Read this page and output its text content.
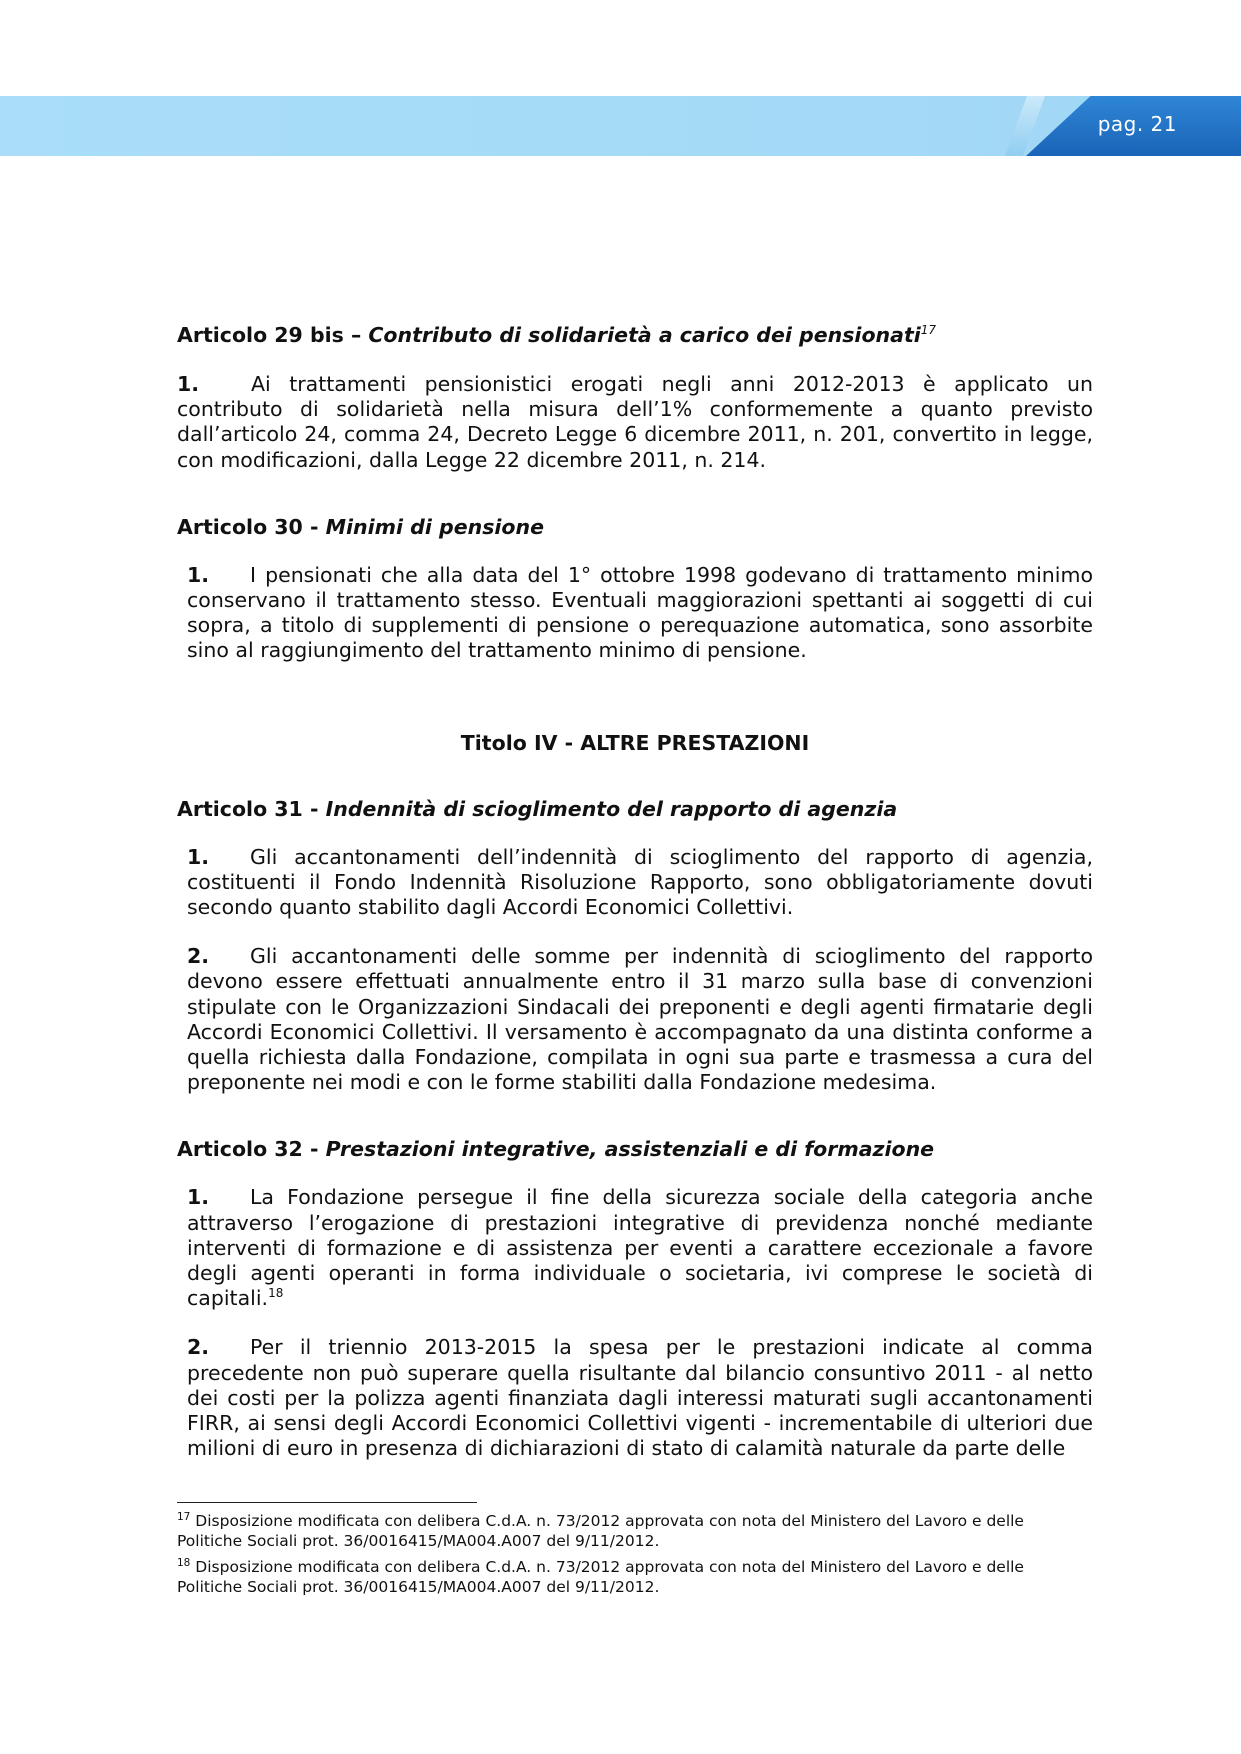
pag. 21
Articolo 29 bis – Contributo di solidarietà a carico dei pensionati$^{17}$

1.	Ai trattamenti pensionistici erogati negli anni 2012-2013 è applicato un contributo di solidarietà nella misura dell’1% conformemente a quanto previsto dall’articolo 24, comma 24, Decreto Legge 6 dicembre 2011, n. 201, convertito in legge, con modificazioni, dalla Legge 22 dicembre 2011, n. 214.

Articolo 30 - Minimi di pensione

1. I pensionati che alla data del 1° ottobre 1998 godevano di trattamento minimo conservano il trattamento stesso. Eventuali maggiorazioni spettanti ai soggetti di cui sopra, a titolo di supplementi di pensione o perequazione automatica, sono assorbite sino al raggiungimento del trattamento minimo di pensione.

Titolo IV - ALTRE PRESTAZIONI
Articolo 31 - Indennità di scioglimento del rapporto di agenzia

1. Gli accantonamenti dell’indennità di scioglimento del rapporto di agenzia, costituenti il Fondo Indennità Risoluzione Rapporto, sono obbligatoriamente dovuti secondo quanto stabilito dagli Accordi Economici Collettivi.

2. Gli accantonamenti delle somme per indennità di scioglimento del rapporto devono essere effettuati annualmente entro il 31 marzo sulla base di convenzioni stipulate con le Organizzazioni Sindacali dei preponenti e degli agenti firmatarie degli Accordi Economici Collettivi. Il versamento è accompagnato da una distinta conforme a quella richiesta dalla Fondazione, compilata in ogni sua parte e trasmessa a cura del preponente nei modi e con le forme stabiliti dalla Fondazione medesima.

Articolo 32 - Prestazioni integrative, assistenziali e di formazione

1. La Fondazione persegue il fine della sicurezza sociale della categoria anche attraverso l’erogazione di prestazioni integrative di previdenza nonché mediante interventi di formazione e di assistenza per eventi a carattere eccezionale a favore degli agenti operanti in forma individuale o societaria, ivi comprese le società di capitali.$^{18}$

2. Per il triennio 2013-2015 la spesa per le prestazioni indicate al comma precedente non può superare quella risultante dal bilancio consuntivo 2011 - al netto dei costi per la polizza agenti finanziata dagli interessi maturati sugli accantonamenti FIRR, ai sensi degli Accordi Economici Collettivi vigenti - incrementabile di ulteriori due milioni di euro in presenza di dichiarazioni di stato di calamità naturale da parte delle

$^{17}$ Disposizione modificata con delibera C.d.A. n. 73/2012 approvata con nota del Ministero del Lavoro e delle Politiche Sociali prot. 36/0016415/MA004.A007 del 9/11/2012.

$^{18}$ Disposizione modificata con delibera C.d.A. n. 73/2012 approvata con nota del Ministero del Lavoro e delle Politiche Sociali prot. 36/0016415/MA004.A007 del 9/11/2012.
